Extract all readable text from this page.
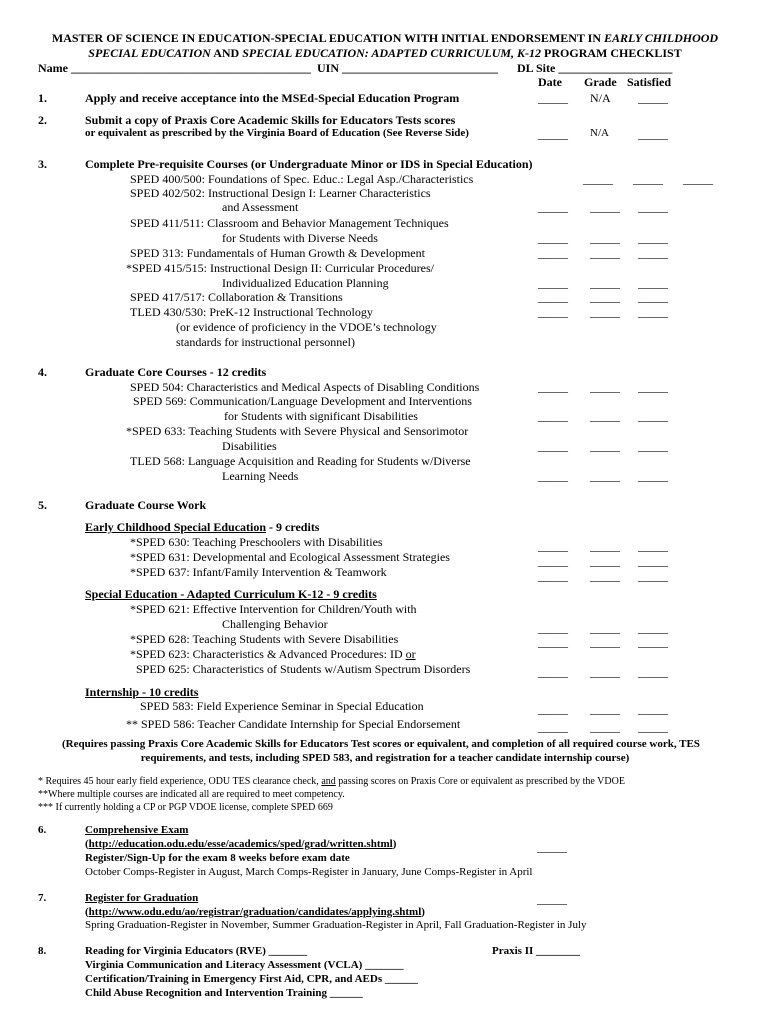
MASTER OF SCIENCE IN EDUCATION-SPECIAL EDUCATION WITH INITIAL ENDORSEMENT IN EARLY CHILDHOOD
SPECIAL EDUCATION AND SPECIAL EDUCATION: ADAPTED CURRICULUM, K-12 PROGRAM CHECKLIST
Name ________________________________________ UIN __________________________ DL Site ___________________
Date Grade Satisfied
1.	Apply and receive acceptance into the MSEd-Special Education Program	_____ N/A _____
2.	Submit a copy of Praxis Core Academic Skills for Educators Tests scores
or equivalent as prescribed by the Virginia Board of Education (See Reverse Side)	_____ N/A _____
3.	Complete Pre-requisite Courses (or Undergraduate Minor or IDS in Special Education)
SPED 400/500: Foundations of Spec. Educ.: Legal Asp./Characteristics	_____ _____ _____
SPED 402/502: Instructional Design I: Learner Characteristics
and Assessment	_____ _____ _____
SPED 411/511: Classroom and Behavior Management Techniques
for Students with Diverse Needs	_____ _____ _____
SPED 313: Fundamentals of Human Growth & Development	_____ _____ _____
*SPED 415/515: Instructional Design II: Curricular Procedures/
Individualized Education Planning	_____ _____ _____
SPED 417/517: Collaboration & Transitions	_____ _____ _____
TLED 430/530: PreK-12 Instructional Technology	_____ _____ _____
(or evidence of proficiency in the VDOE’s technology
standards for instructional personnel)
4.	Graduate Core Courses - 12 credits
SPED 504: Characteristics and Medical Aspects of Disabling Conditions	_____ _____ _____
SPED 569: Communication/Language Development and Interventions
for Students with significant Disabilities	_____ _____ _____
*SPED 633: Teaching Students with Severe Physical and Sensorimotor
Disabilities	_____ _____ _____
TLED 568: Language Acquisition and Reading for Students w/Diverse
Learning Needs	_____ _____ _____
5.	Graduate Course Work
Early Childhood Special Education - 9 credits
*SPED 630: Teaching Preschoolers with Disabilities	_____ _____ _____
*SPED 631: Developmental and Ecological Assessment Strategies	_____ _____ _____
*SPED 637: Infant/Family Intervention & Teamwork	_____ _____ _____
Special Education - Adapted Curriculum K-12 - 9 credits
*SPED 621: Effective Intervention for Children/Youth with
Challenging Behavior	_____ _____ _____
*SPED 628: Teaching Students with Severe Disabilities	_____ _____ _____
*SPED 623: Characteristics & Advanced Procedures: ID or
SPED 625: Characteristics of Students w/Autism Spectrum Disorders	_____ _____ _____
Internship - 10 credits
SPED 583: Field Experience Seminar in Special Education	_____ _____ _____
** SPED 586: Teacher Candidate Internship for Special Endorsement	_____ _____ _____
(Requires passing Praxis Core Academic Skills for Educators Test scores or equivalent, and completion of all required course work, TES
requirements, and tests, including SPED 583, and registration for a teacher candidate internship course)
* Requires 45 hour early field experience, ODU TES clearance check, and passing scores on Praxis Core or equivalent as prescribed by the VDOE
**Where multiple courses are indicated all are required to meet competency.
*** If currently holding a CP or PGP VDOE license, complete SPED 669
6.	Comprehensive Exam
(http://education.odu.edu/esse/academics/sped/grad/written.shtml)	_____
Register/Sign-Up for the exam 8 weeks before exam date
October Comps-Register in August, March Comps-Register in January, June Comps-Register in April
7.	Register for Graduation	_____
(http://www.odu.edu/ao/registrar/graduation/candidates/applying.shtml)
Spring Graduation-Register in November, Summer Graduation-Register in April, Fall Graduation-Register in July
8.	Reading for Virginia Educators (RVE) _______	Praxis II ________
Virginia Communication and Literacy Assessment (VCLA) _______
Certification/Training in Emergency First Aid, CPR, and AEDs ______
Child Abuse Recognition and Intervention Training ______
